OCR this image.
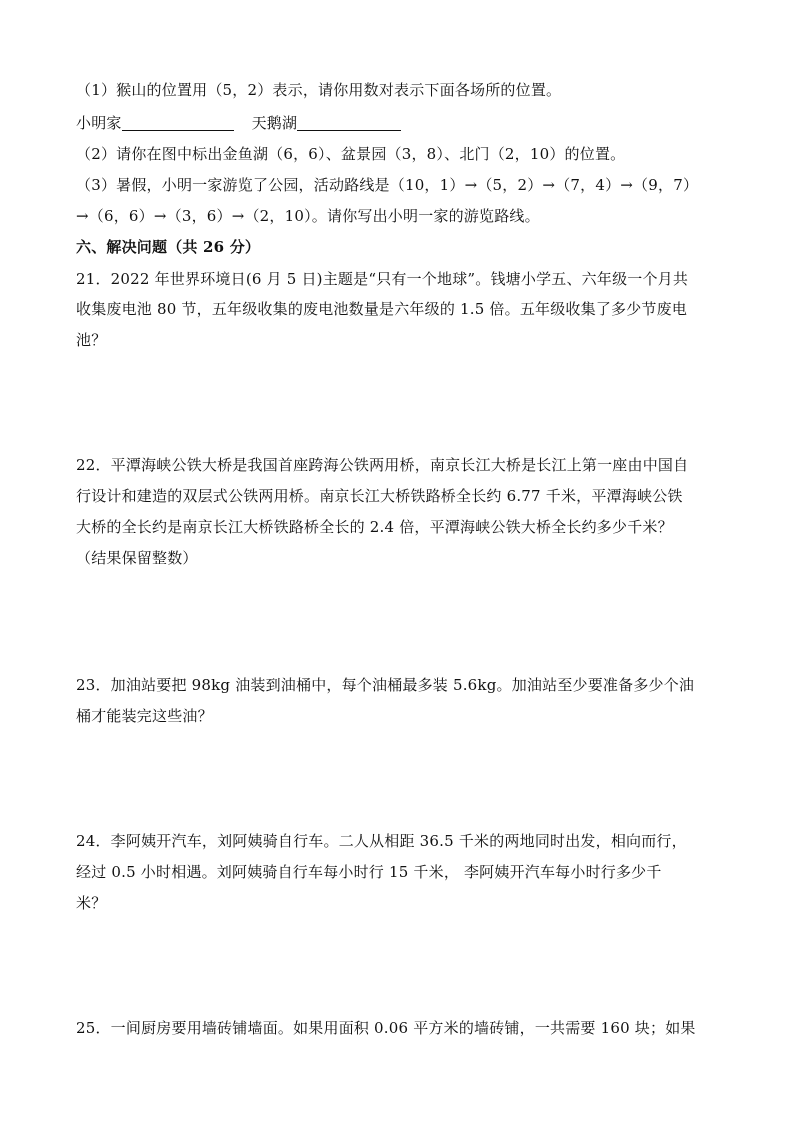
（1）猴山的位置用（5，2）表示，请你用数对表示下面各场所的位置。
小明家	天鹅湖
（2）请你在图中标出金鱼湖（6，6）、盆景园（3，8）、北门（2，10）的位置。
（3）暑假，小明一家游览了公园，活动路线是（10，1）→（5，2）→（7，4）→（9，7）
→（6，6）→（3，6）→（2，10）。请你写出小明一家的游览路线。
六、解决问题（共 26 分）
21．2022 年世界环境日(6 月 5 日)主题是“只有一个地球”。钱塘小学五、六年级一个月共
收集废电池 80 节，五年级收集的废电池数量是六年级的 1.5 倍。五年级收集了多少节废电
池？
22．平潭海峡公铁大桥是我国首座跨海公铁两用桥，南京长江大桥是长江上第一座由中国自
行设计和建造的双层式公铁两用桥。南京长江大桥铁路桥全长约 6.77 千米，平潭海峡公铁
大桥的全长约是南京长江大桥铁路桥全长的 2.4 倍，平潭海峡公铁大桥全长约多少千米？
（结果保留整数）
23．加油站要把 98kg 油装到油桶中，每个油桶最多装 5.6kg。加油站至少要准备多少个油
桶才能装完这些油？
24．李阿姨开汽车，刘阿姨骑自行车。二人从相距 36.5 千米的两地同时出发，相向而行，
经过 0.5 小时相遇。刘阿姨骑自行车每小时行 15 千米， 李阿姨开汽车每小时行多少千
米？
25．一间厨房要用墙砖铺墙面。如果用面积 0.06 平方米的墙砖铺，一共需要 160 块；如果
